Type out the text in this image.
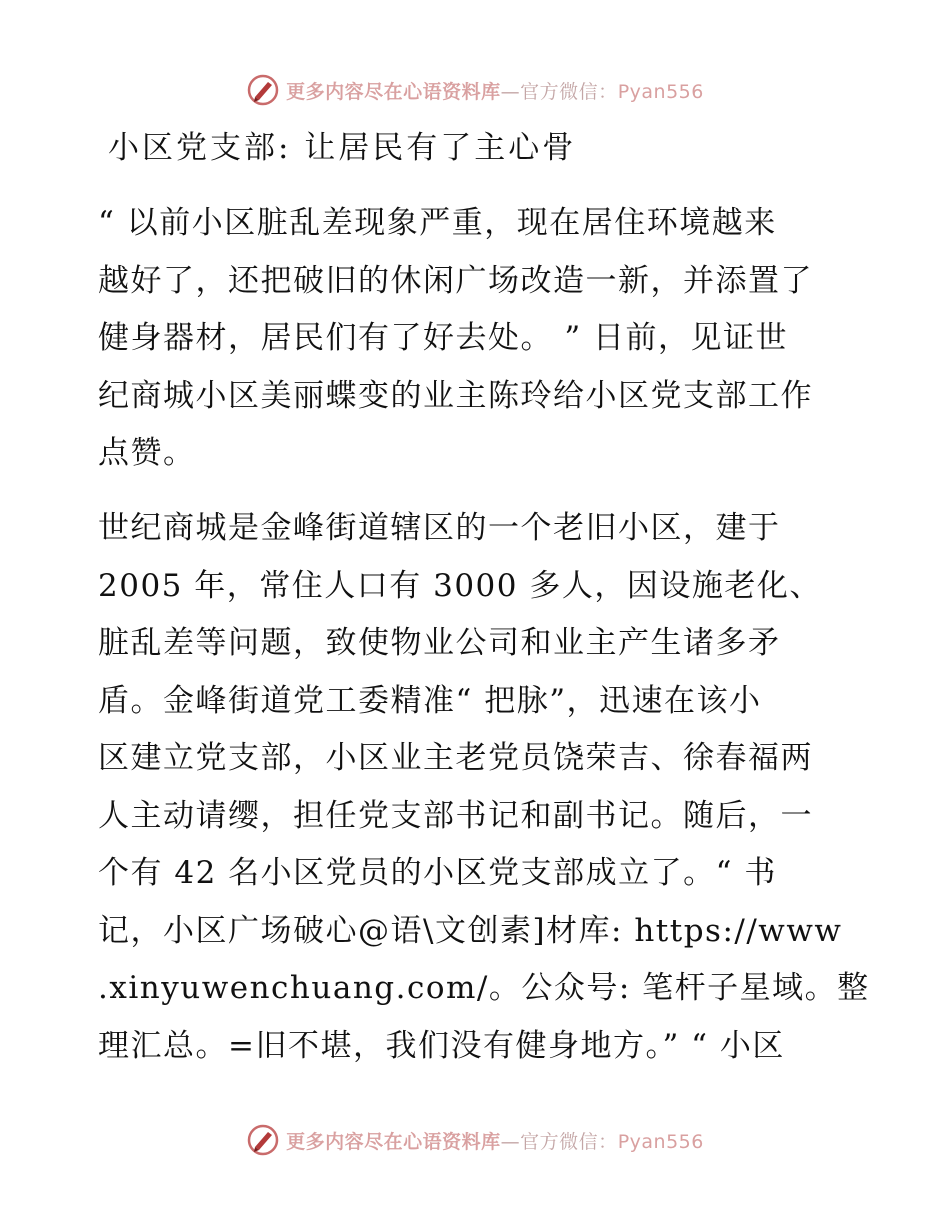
更多内容尽在心语资料库—官方微信：Pyan556
小区党支部: 让居民有了主心骨
“ 以前小区脏乱差现象严重，现在居住环境越来
越好了，还把破旧的休闲广场改造一新，并添置了
健身器材，居民们有了好去处。 ” 日前，见证世
纪商城小区美丽蝶变的业主陈玲给小区党支部工作
点赞。
世纪商城是金峰街道辖区的一个老旧小区，建于
2005 年，常住人口有 3000 多人，因设施老化、
脏乱差等问题，致使物业公司和业主产生诸多矛
盾。金峰街道党工委精准“ 把脉”，迅速在该小
区建立党支部，小区业主老党员饶荣吉、徐春福两
人主动请缨，担任党支部书记和副书记。随后，一
个有 42 名小区党员的小区党支部成立了。“ 书
记，小区广场破心@语\文创素]材库: https://www
.xinyuwenchuang.com/。公众号: 笔杆子星域。整
理汇总。=旧不堪，我们没有健身地方。” “ 小区
更多内容尽在心语资料库—官方微信：Pyan556
